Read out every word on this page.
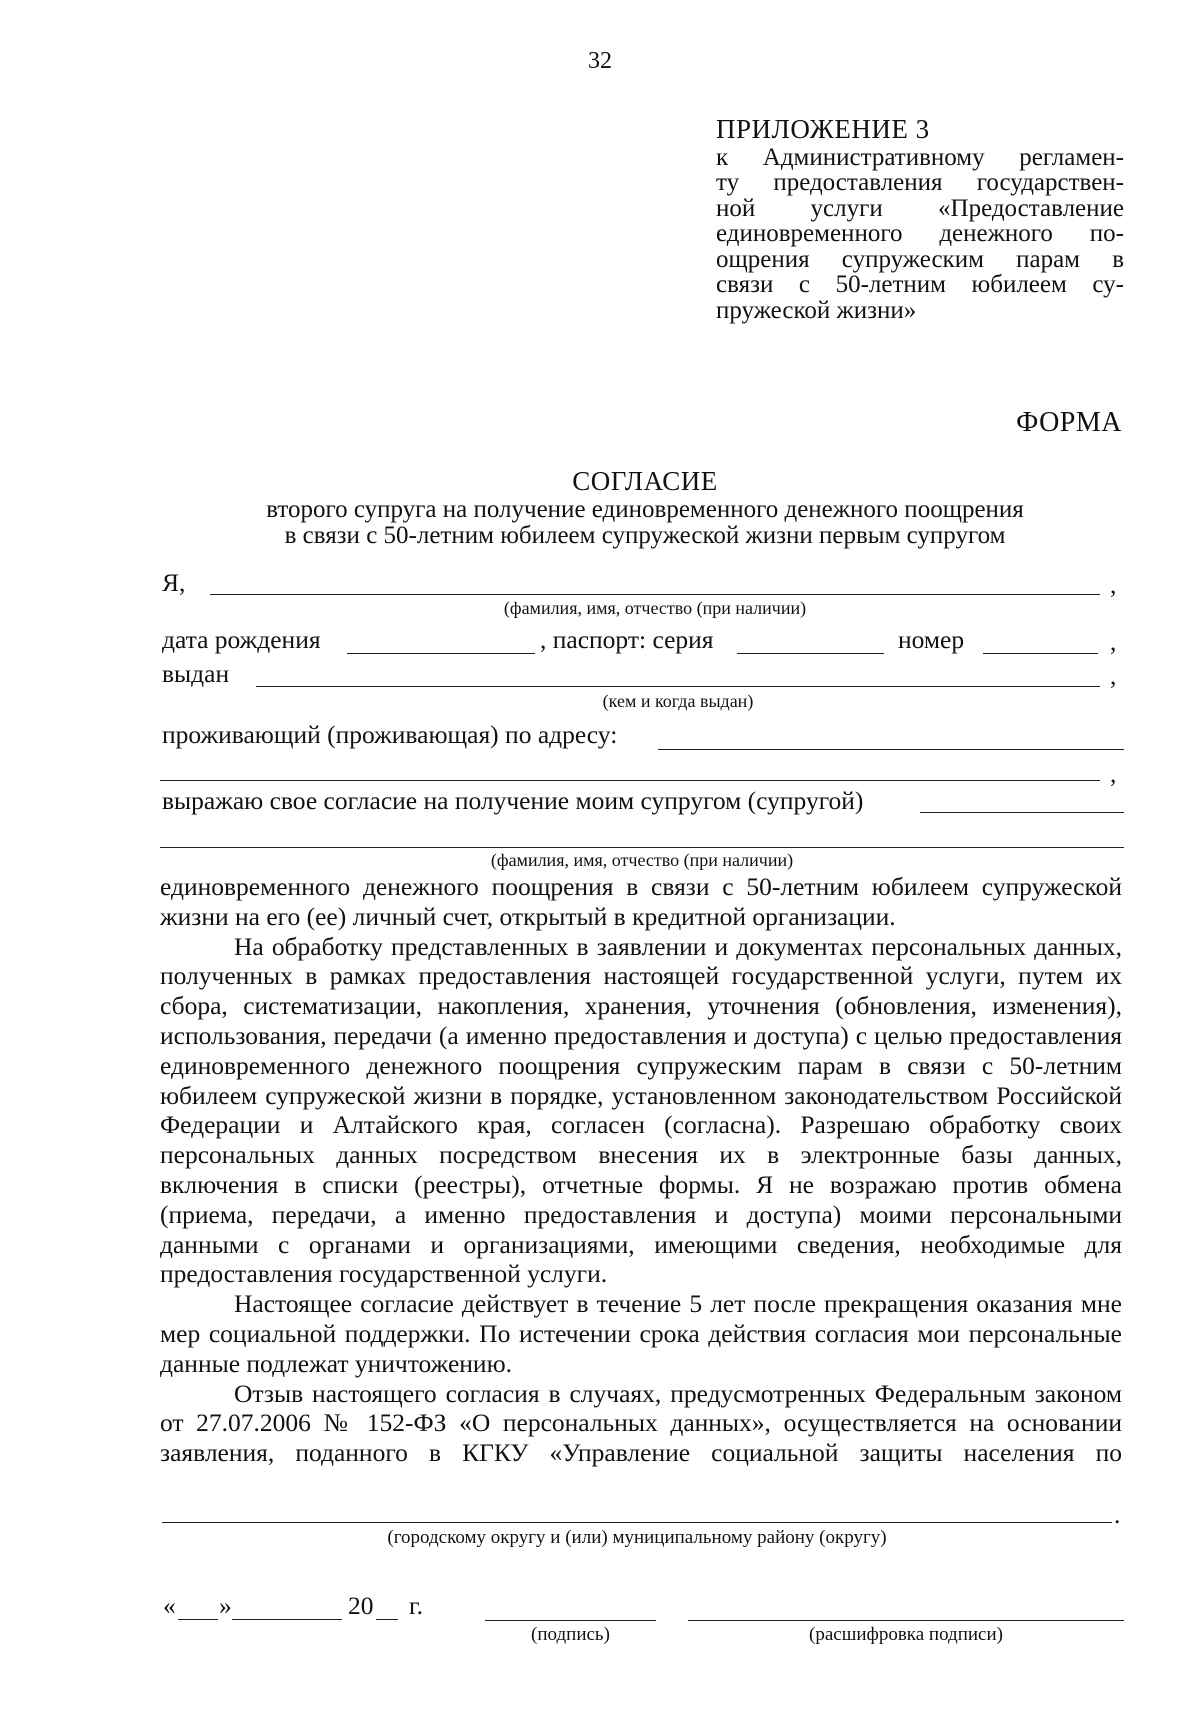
32
ПРИЛОЖЕНИЕ 3
к Административному регламен-
ту предоставления государствен-
ной услуги «Предоставление
единовременного денежного по-
ощрения супружеским парам в
связи с 50-летним юбилеем су-
пружеской жизни»
ФОРМА
СОГЛАСИЕ
второго супруга на получение единовременного денежного поощрения
в связи с 50-летним юбилеем супружеской жизни первым супругом
Я,	,
(фамилия, имя, отчество (при наличии)
дата рождения	, паспорт: серия	номер	,
выдан	,
(кем и когда выдан)
проживающий (проживающая) по адресу:
,
выражаю свое согласие на получение моим супругом (супругой)
(фамилия, имя, отчество (при наличии)

единовременного денежного поощрения в связи с 50-летним юбилеем супружеской жизни на его (ее) личный счет, открытый в кредитной организации.

На обработку представленных в заявлении и документах персональных данных, полученных в рамках предоставления настоящей государственной услуги, путем их сбора, систематизации, накопления, хранения, уточнения (обновления, изменения), использования, передачи (а именно предоставления и доступа) с целью предоставления единовременного денежного поощрения супружеским парам в связи с 50-летним юбилеем супружеской жизни в порядке, установленном законодательством Российской Федерации и Алтайского края, согласен (согласна). Разрешаю обработку своих персональных данных посредством внесения их в электронные базы данных, включения в списки (реестры), отчетные формы. Я не возражаю против обмена (приема, передачи, а именно предоставления и доступа) моими персональными данными с органами и организациями, имеющими сведения, необходимые для предоставления государственной услуги.

Настоящее согласие действует в течение 5 лет после прекращения оказания мне мер социальной поддержки. По истечении срока действия согласия мои персональные данные подлежат уничтожению.

Отзыв настоящего согласия в случаях, предусмотренных Федеральным законом от 27.07.2006 № 152-ФЗ «О персональных данных», осуществляется на основании заявления, поданного в КГКУ «Управление социальной защиты населения по

.
(городскому округу и (или) муниципальному району (округу)
« »	20 г.
(подпись)	(расшифровка подписи)
